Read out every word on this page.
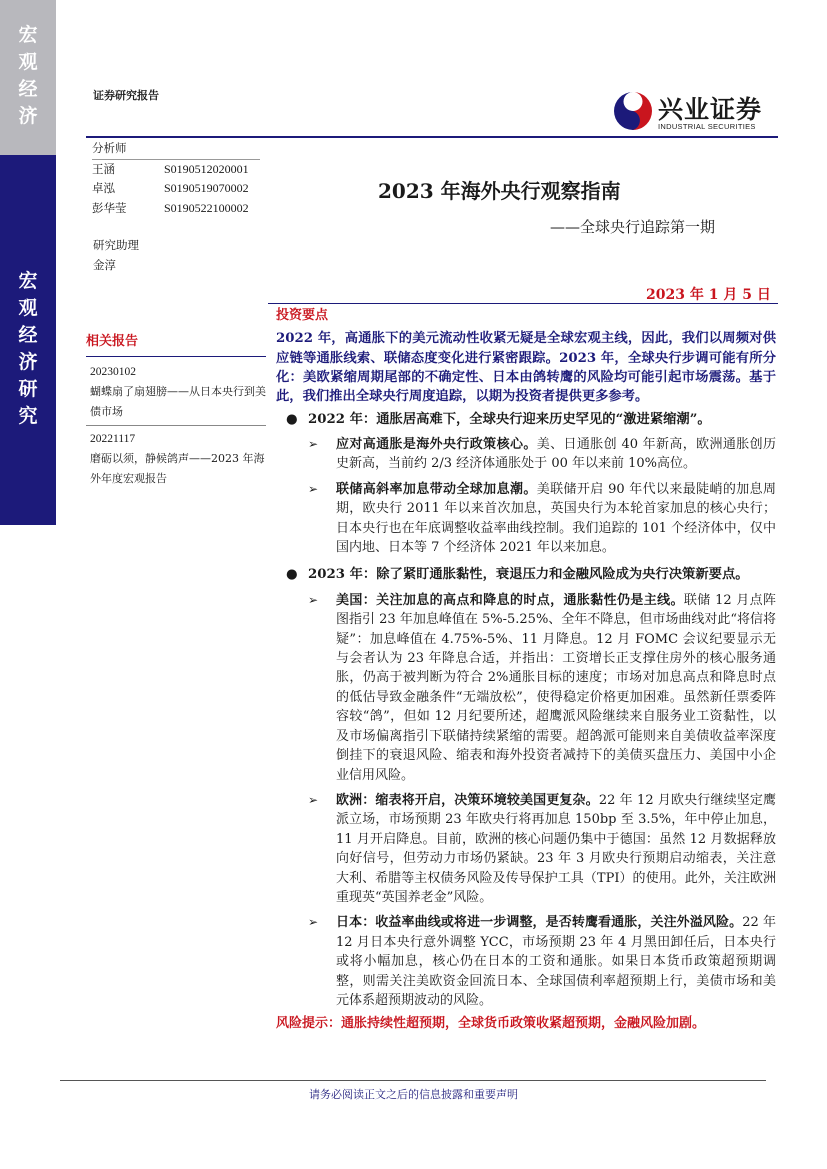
宏
观
经
济
宏
观
经
济
研
究
证券研究报告	兴业证券
INDUSTRIAL SECURITIES
分析师
王涵	S0190512020001
卓泓	S0190519070002
彭华莹	S0190522100002
研究助理
金淳
2023 年海外央行观察指南
——全球央行追踪第一期
2023 年 1 月 5 日
相关报告
20230102
蝴蝶扇了扇翅膀——从日本央行到美债市场
20221117
磨砺以须，静候鸽声——2023 年海外年度宏观报告
投资要点
2022 年，高通胀下的美元流动性收紧无疑是全球宏观主线，因此，我们以周频对供应链等通胀线索、联储态度变化进行紧密跟踪。2023 年，全球央行步调可能有所分化：美欧紧缩周期尾部的不确定性、日本由鸽转鹰的风险均可能引起市场震荡。基于此，我们推出全球央行周度追踪，以期为投资者提供更多参考。
● 2022 年：通胀居高难下，全球央行迎来历史罕见的“激进紧缩潮”。
➢ 应对高通胀是海外央行政策核心。美、日通胀创 40 年新高，欧洲通胀创历史新高，当前约 2/3 经济体通胀处于 00 年以来前 10%高位。
➢ 联储高斜率加息带动全球加息潮。美联储开启 90 年代以来最陡峭的加息周期，欧央行 2011 年以来首次加息，英国央行为本轮首家加息的核心央行；日本央行也在年底调整收益率曲线控制。我们追踪的 101 个经济体中，仅中国内地、日本等 7 个经济体 2021 年以来加息。
● 2023 年：除了紧盯通胀黏性，衰退压力和金融风险成为央行决策新要点。
➢ 美国：关注加息的高点和降息的时点，通胀黏性仍是主线。联储 12 月点阵图指引 23 年加息峰值在 5%-5.25%、全年不降息，但市场曲线对此“将信将疑”：加息峰值在 4.75%-5%、11 月降息。12 月 FOMC 会议纪要显示无与会者认为 23 年降息合适，并指出：工资增长正支撑住房外的核心服务通胀，仍高于被判断为符合 2%通胀目标的速度；市场对加息高点和降息时点的低估导致金融条件“无端放松”，使得稳定价格更加困难。虽然新任票委阵容较“鸽”，但如 12 月纪要所述，超鹰派风险继续来自服务业工资黏性，以及市场偏离指引下联储持续紧缩的需要。超鸽派可能则来自美债收益率深度倒挂下的衰退风险、缩表和海外投资者减持下的美债买盘压力、美国中小企业信用风险。
➢ 欧洲：缩表将开启，决策环境较美国更复杂。22 年 12 月欧央行继续坚定鹰派立场，市场预期 23 年欧央行将再加息 150bp 至 3.5%，年中停止加息，11 月开启降息。目前，欧洲的核心问题仍集中于德国：虽然 12 月数据释放向好信号，但劳动力市场仍紧缺。23 年 3 月欧央行预期启动缩表，关注意大利、希腊等主权债务风险及传导保护工具（TPI）的使用。此外，关注欧洲重现英“英国养老金”风险。
➢ 日本：收益率曲线或将进一步调整，是否转鹰看通胀，关注外溢风险。22 年 12 月日本央行意外调整 YCC，市场预期 23 年 4 月黑田卸任后，日本央行或将小幅加息，核心仍在日本的工资和通胀。如果日本货币政策超预期调整，则需关注美欧资金回流日本、全球国债利率超预期上行，美债市场和美元体系超预期波动的风险。
风险提示：通胀持续性超预期，全球货币政策收紧超预期，金融风险加剧。
请务必阅读正文之后的信息披露和重要声明
